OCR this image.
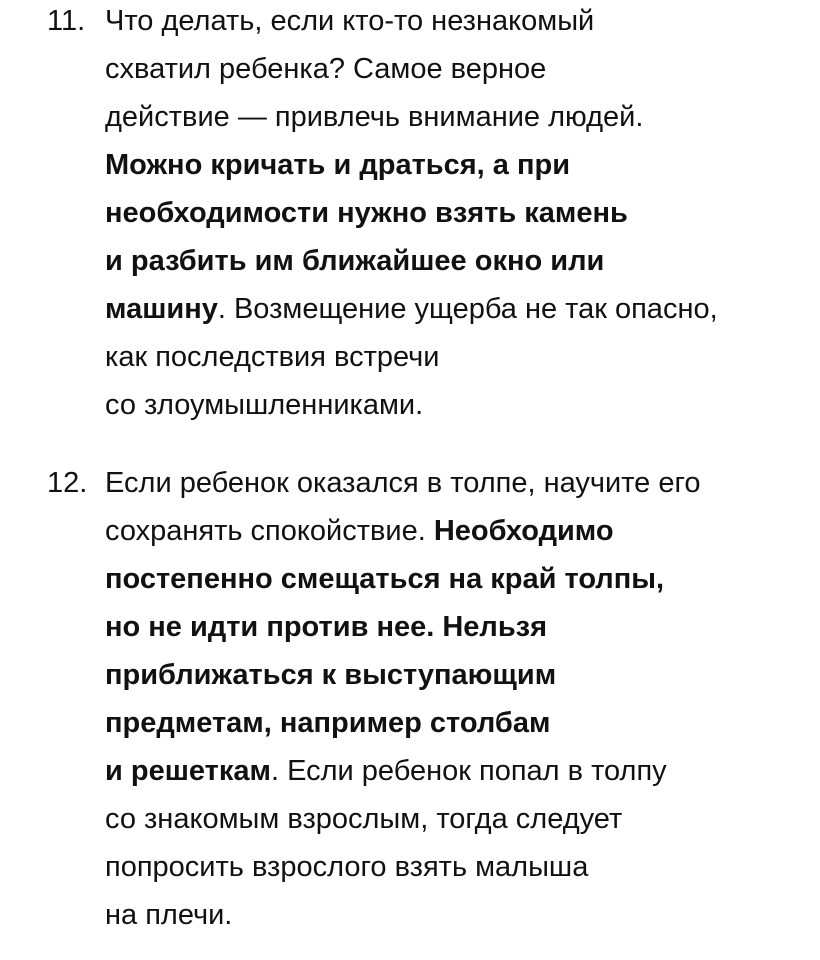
11. Что делать, если кто-то незнакомый
схватил ребенка? Самое верное
действие — привлечь внимание людей.
Можно кричать и драться, а при
необходимости нужно взять камень
и разбить им ближайшее окно или
машину. Возмещение ущерба не так опасно,
как последствия встречи
со злоумышленниками.
12. Если ребенок оказался в толпе, научите его
сохранять спокойствие. Необходимо
постепенно смещаться на край толпы,
но не идти против нее. Нельзя
приближаться к выступающим
предметам, например столбам
и решеткам. Если ребенок попал в толпу
со знакомым взрослым, тогда следует
попросить взрослого взять малыша
на плечи.
